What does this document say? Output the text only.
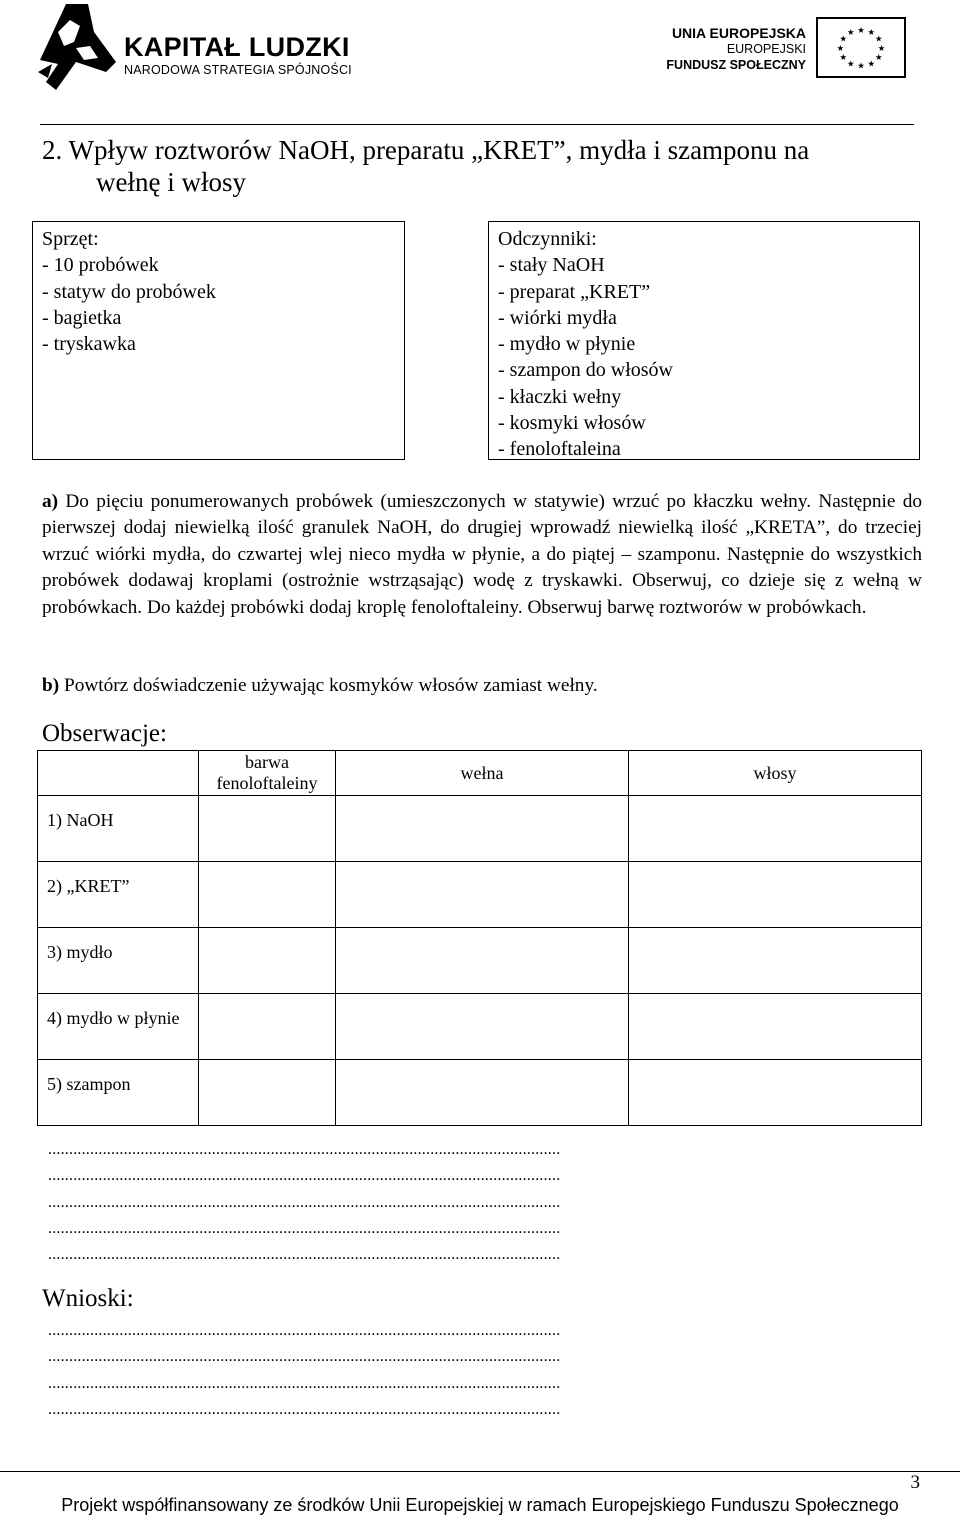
KAPITAŁ LUDZKI
NARODOWA STRATEGIA SPÓJNOŚCI
UNIA EUROPEJSKA
EUROPEJSKI
FUNDUSZ SPOŁECZNY
★ ★
★
★
★
★
★
★
★
★
★
★
2. Wpływ roztworów NaOH, preparatu „KRET”, mydła i szamponu na
wełnę i włosy
Sprzęt:
- 10 probówek
- statyw do probówek
- bagietka
- tryskawka
Odczynniki:
- stały NaOH
- preparat „KRET”
- wiórki mydła
- mydło w płynie
- szampon do włosów
- kłaczki wełny
- kosmyki włosów
- fenoloftaleina
a) Do pięciu ponumerowanych probówek (umieszczonych w statywie) wrzuć po kłaczku wełny. Następnie do pierwszej dodaj niewielką ilość granulek NaOH, do drugiej wprowadź niewielką ilość „KRETA”, do trzeciej wrzuć wiórki mydła, do czwartej wlej nieco mydła w płynie, a do piątej – szamponu. Następnie do wszystkich probówek dodawaj kroplami (ostrożnie wstrząsając) wodę z tryskawki. Obserwuj, co dzieje się z wełną w probówkach. Do każdej probówki dodaj kroplę fenoloftaleiny. Obserwuj barwę roztworów w probówkach.
b) Powtórz doświadczenie używając kosmyków włosów zamiast wełny.
Obserwacje:
	barwa fenoloftaleiny	wełna	włosy
1) NaOH			
2) „KRET”			
3) mydło			
4) mydło w płynie			
5) szampon			
..........................................................................................................................
..........................................................................................................................
..........................................................................................................................
..........................................................................................................................
..........................................................................................................................
Wnioski:
..........................................................................................................................
..........................................................................................................................
..........................................................................................................................
..........................................................................................................................
3
Projekt współfinansowany ze środków Unii Europejskiej w ramach Europejskiego Funduszu Społecznego
